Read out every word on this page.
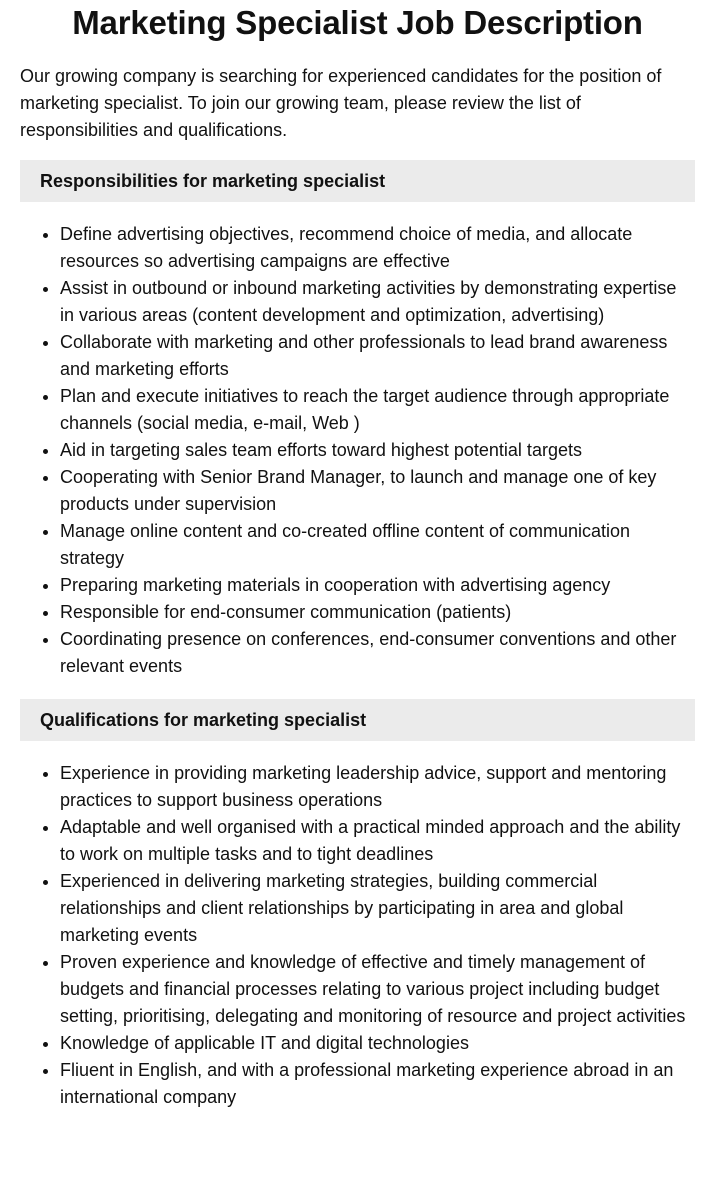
Marketing Specialist Job Description

Our growing company is searching for experienced candidates for the position of marketing specialist. To join our growing team, please review the list of responsibilities and qualifications.

Responsibilities for marketing specialist
• Define advertising objectives, recommend choice of media, and allocate resources so advertising campaigns are effective
• Assist in outbound or inbound marketing activities by demonstrating expertise in various areas (content development and optimization, advertising)
• Collaborate with marketing and other professionals to lead brand awareness and marketing efforts
• Plan and execute initiatives to reach the target audience through appropriate channels (social media, e-mail, Web )
• Aid in targeting sales team efforts toward highest potential targets
• Cooperating with Senior Brand Manager, to launch and manage one of key products under supervision
• Manage online content and co-created offline content of communication strategy
• Preparing marketing materials in cooperation with advertising agency
• Responsible for end-consumer communication (patients)
• Coordinating presence on conferences, end-consumer conventions and other relevant events
Qualifications for marketing specialist
• Experience in providing marketing leadership advice, support and mentoring practices to support business operations
• Adaptable and well organised with a practical minded approach and the ability to work on multiple tasks and to tight deadlines
• Experienced in delivering marketing strategies, building commercial relationships and client relationships by participating in area and global marketing events
• Proven experience and knowledge of effective and timely management of budgets and financial processes relating to various project including budget setting, prioritising, delegating and monitoring of resource and project activities
• Knowledge of applicable IT and digital technologies
• Fliuent in English, and with a professional marketing experience abroad in an international company
